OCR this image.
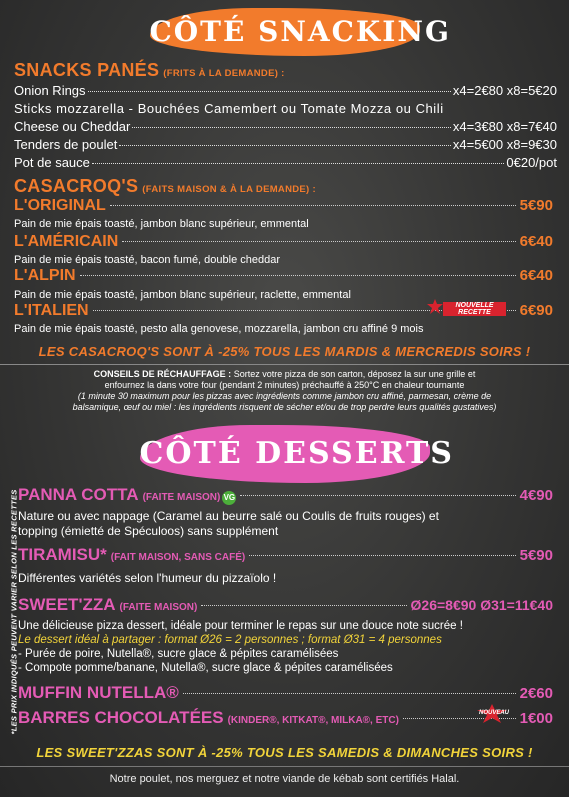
CÔTÉ SNACKING
SNACKS PANÉS (FRITS À LA DEMANDE) :
Onion Rings	x4=2€80 x8=5€20
Sticks mozzarella - Bouchées Camembert ou Tomate Mozza ou Chili
Cheese ou Cheddar	x4=3€80 x8=7€40
Tenders de poulet	x4=5€00 x8=9€30
Pot de sauce	0€20/pot
CASACROQ'S (FAITS MAISON & À LA DEMANDE) :
L'ORIGINAL	5€90
Pain de mie épais toasté, jambon blanc supérieur, emmental
L'AMÉRICAIN	6€40
Pain de mie épais toasté, bacon fumé, double cheddar
L'ALPIN	6€40
Pain de mie épais toasté, jambon blanc supérieur, raclette, emmental
L'ITALIEN	6€90
NOUVELLE RECETTE
Pain de mie épais toasté, pesto alla genovese, mozzarella, jambon cru affiné 9 mois
LES CASACROQ'S SONT À -25% TOUS LES MARDIS & MERCREDIS SOIRS !
CONSEILS DE RÉCHAUFFAGE : Sortez votre pizza de son carton, déposez la sur une grille et
enfournez la dans votre four (pendant 2 minutes) préchauffé à 250°C en chaleur tournante
(1 minute 30 maximum pour les pizzas avec ingrédients comme jambon cru affiné, parmesan, crème de
balsamique, œuf ou miel : les ingrédients risquent de sécher et/ou de trop perdre leurs qualités gustatives)
CÔTÉ DESSERTS
*LES PRIX INDIQUÉS PEUVENT VARIER SELON LES RECETTES PANNA COTTA (FAITE MAISON) VG	4€90
Nature ou avec nappage (Caramel au beurre salé ou Coulis de fruits rouges) et
topping (émietté de Spéculoos) sans supplément
TIRAMISU* (FAIT MAISON, SANS CAFÉ)	5€90
Différentes variétés selon l'humeur du pizzaïolo !
SWEET'ZZA (FAITE MAISON)	Ø26=8€90 Ø31=11€40
Une délicieuse pizza dessert, idéale pour terminer le repas sur une douce note sucrée !
Le dessert idéal à partager : format Ø26 = 2 personnes ; format Ø31 = 4 personnes
- Purée de poire, Nutella®, sucre glace & pépites caramélisées
- Compote pomme/banane, Nutella®, sucre glace & pépites caramélisées
MUFFIN NUTELLA®	2€60
BARRES CHOCOLATÉES (KINDER®, KITKAT®, MILKA®, ETC)	1€00
NOUVEAU
LES SWEET'ZZAS SONT À -25% TOUS LES SAMEDIS & DIMANCHES SOIRS !
Notre poulet, nos merguez et notre viande de kébab sont certifiés Halal.
